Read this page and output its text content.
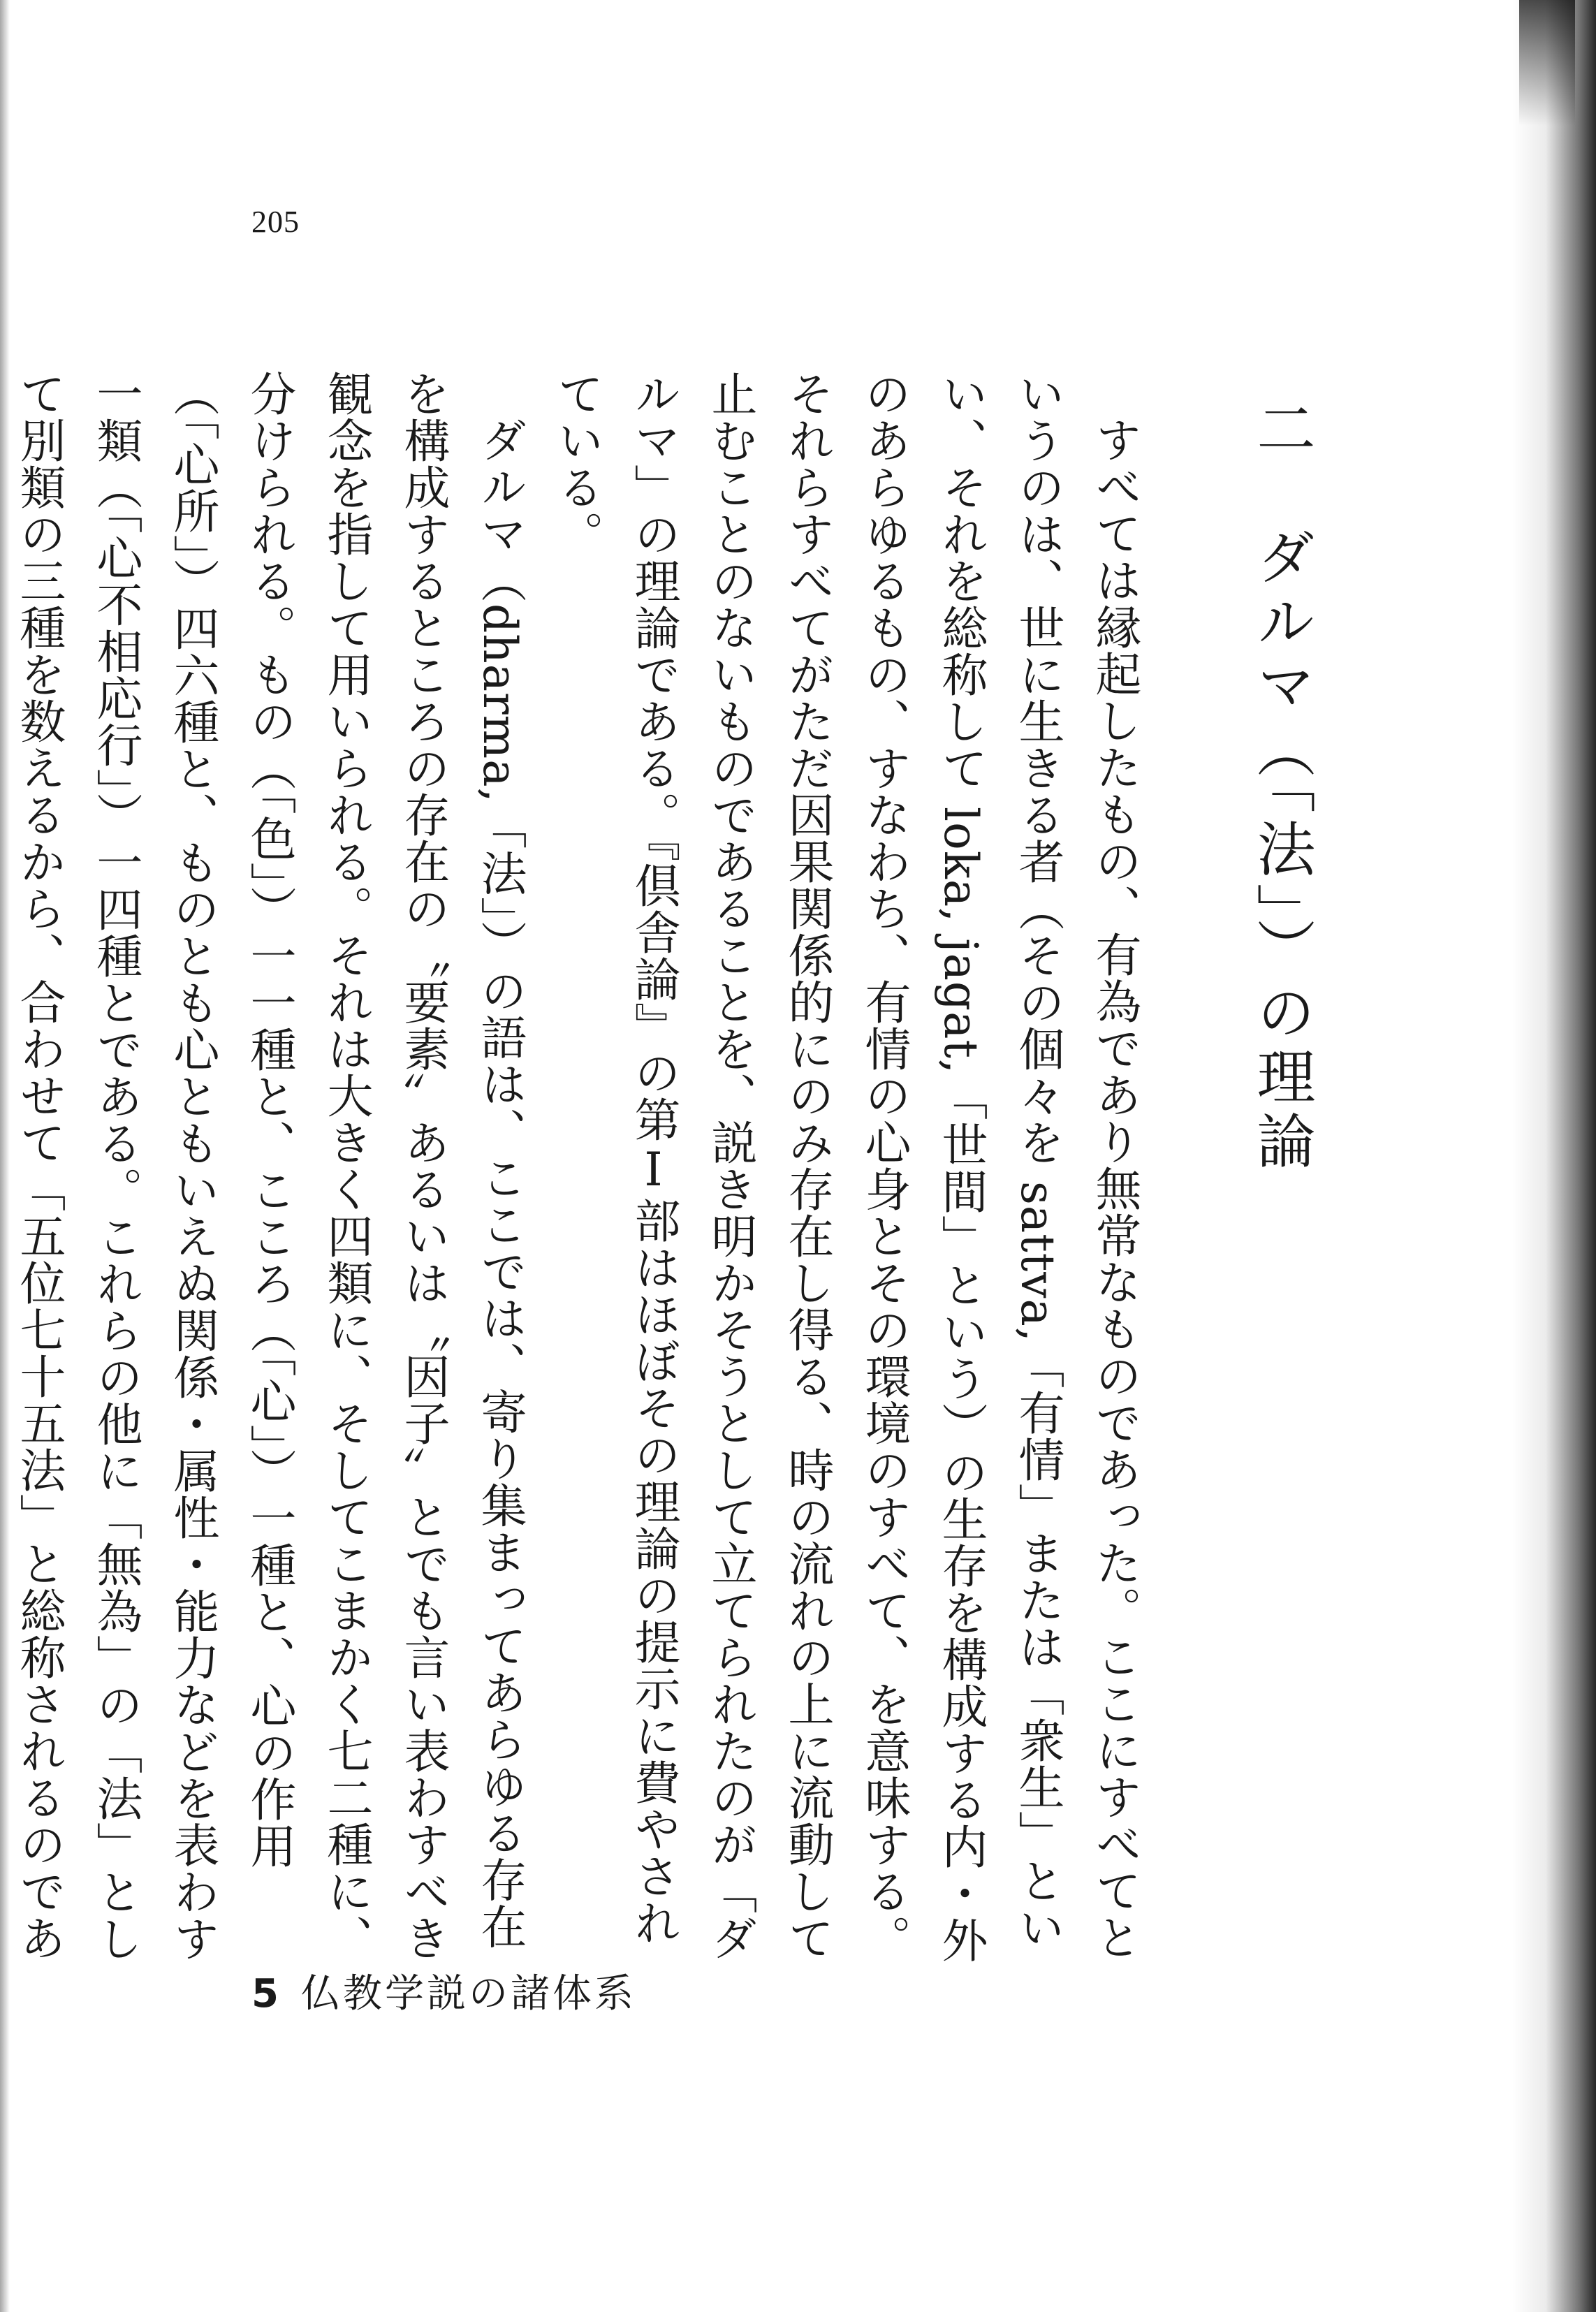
205
二　ダルマ（「法」）の理論

すべては縁起したもの、有為であり無常なものであった。ここにすべてというのは、世に生きる者（その個々を sattva,「有情」または「衆生」といい、それを総称して loka, jagat,「世間」という）の生存を構成する内・外のあらゆるもの、すなわち、有情の心身とその環境のすべて、を意味する。それらすべてがただ因果関係的にのみ存在し得る、時の流れの上に流動して止むことのないものであることを、説き明かそうとして立てられたのが「ダルマ」の理論である。『倶舎論』の第Ⅰ部はほぼその理論の提示に費やされている。

ダルマ（dharma,「法」）の語は、ここでは、寄り集まってあらゆる存在を構成するところの存在の〝要素〟あるいは〝因子〟とでも言い表わすべき観念を指して用いられる。それは大きく四類に、そしてこまかく七二種に、分けられる。もの（「色」）一一種と、こころ（「心」）一種と、心の作用（「心所」）四六種と、ものとも心ともいえぬ関係・属性・能力などを表わす一類（「心不相応行」）一四種とである。これらの他に「無為」の「法」として別類の三種を数えるから、合わせて「五位七十五法」と総称されるのであ

5 仏教学説の諸体系
